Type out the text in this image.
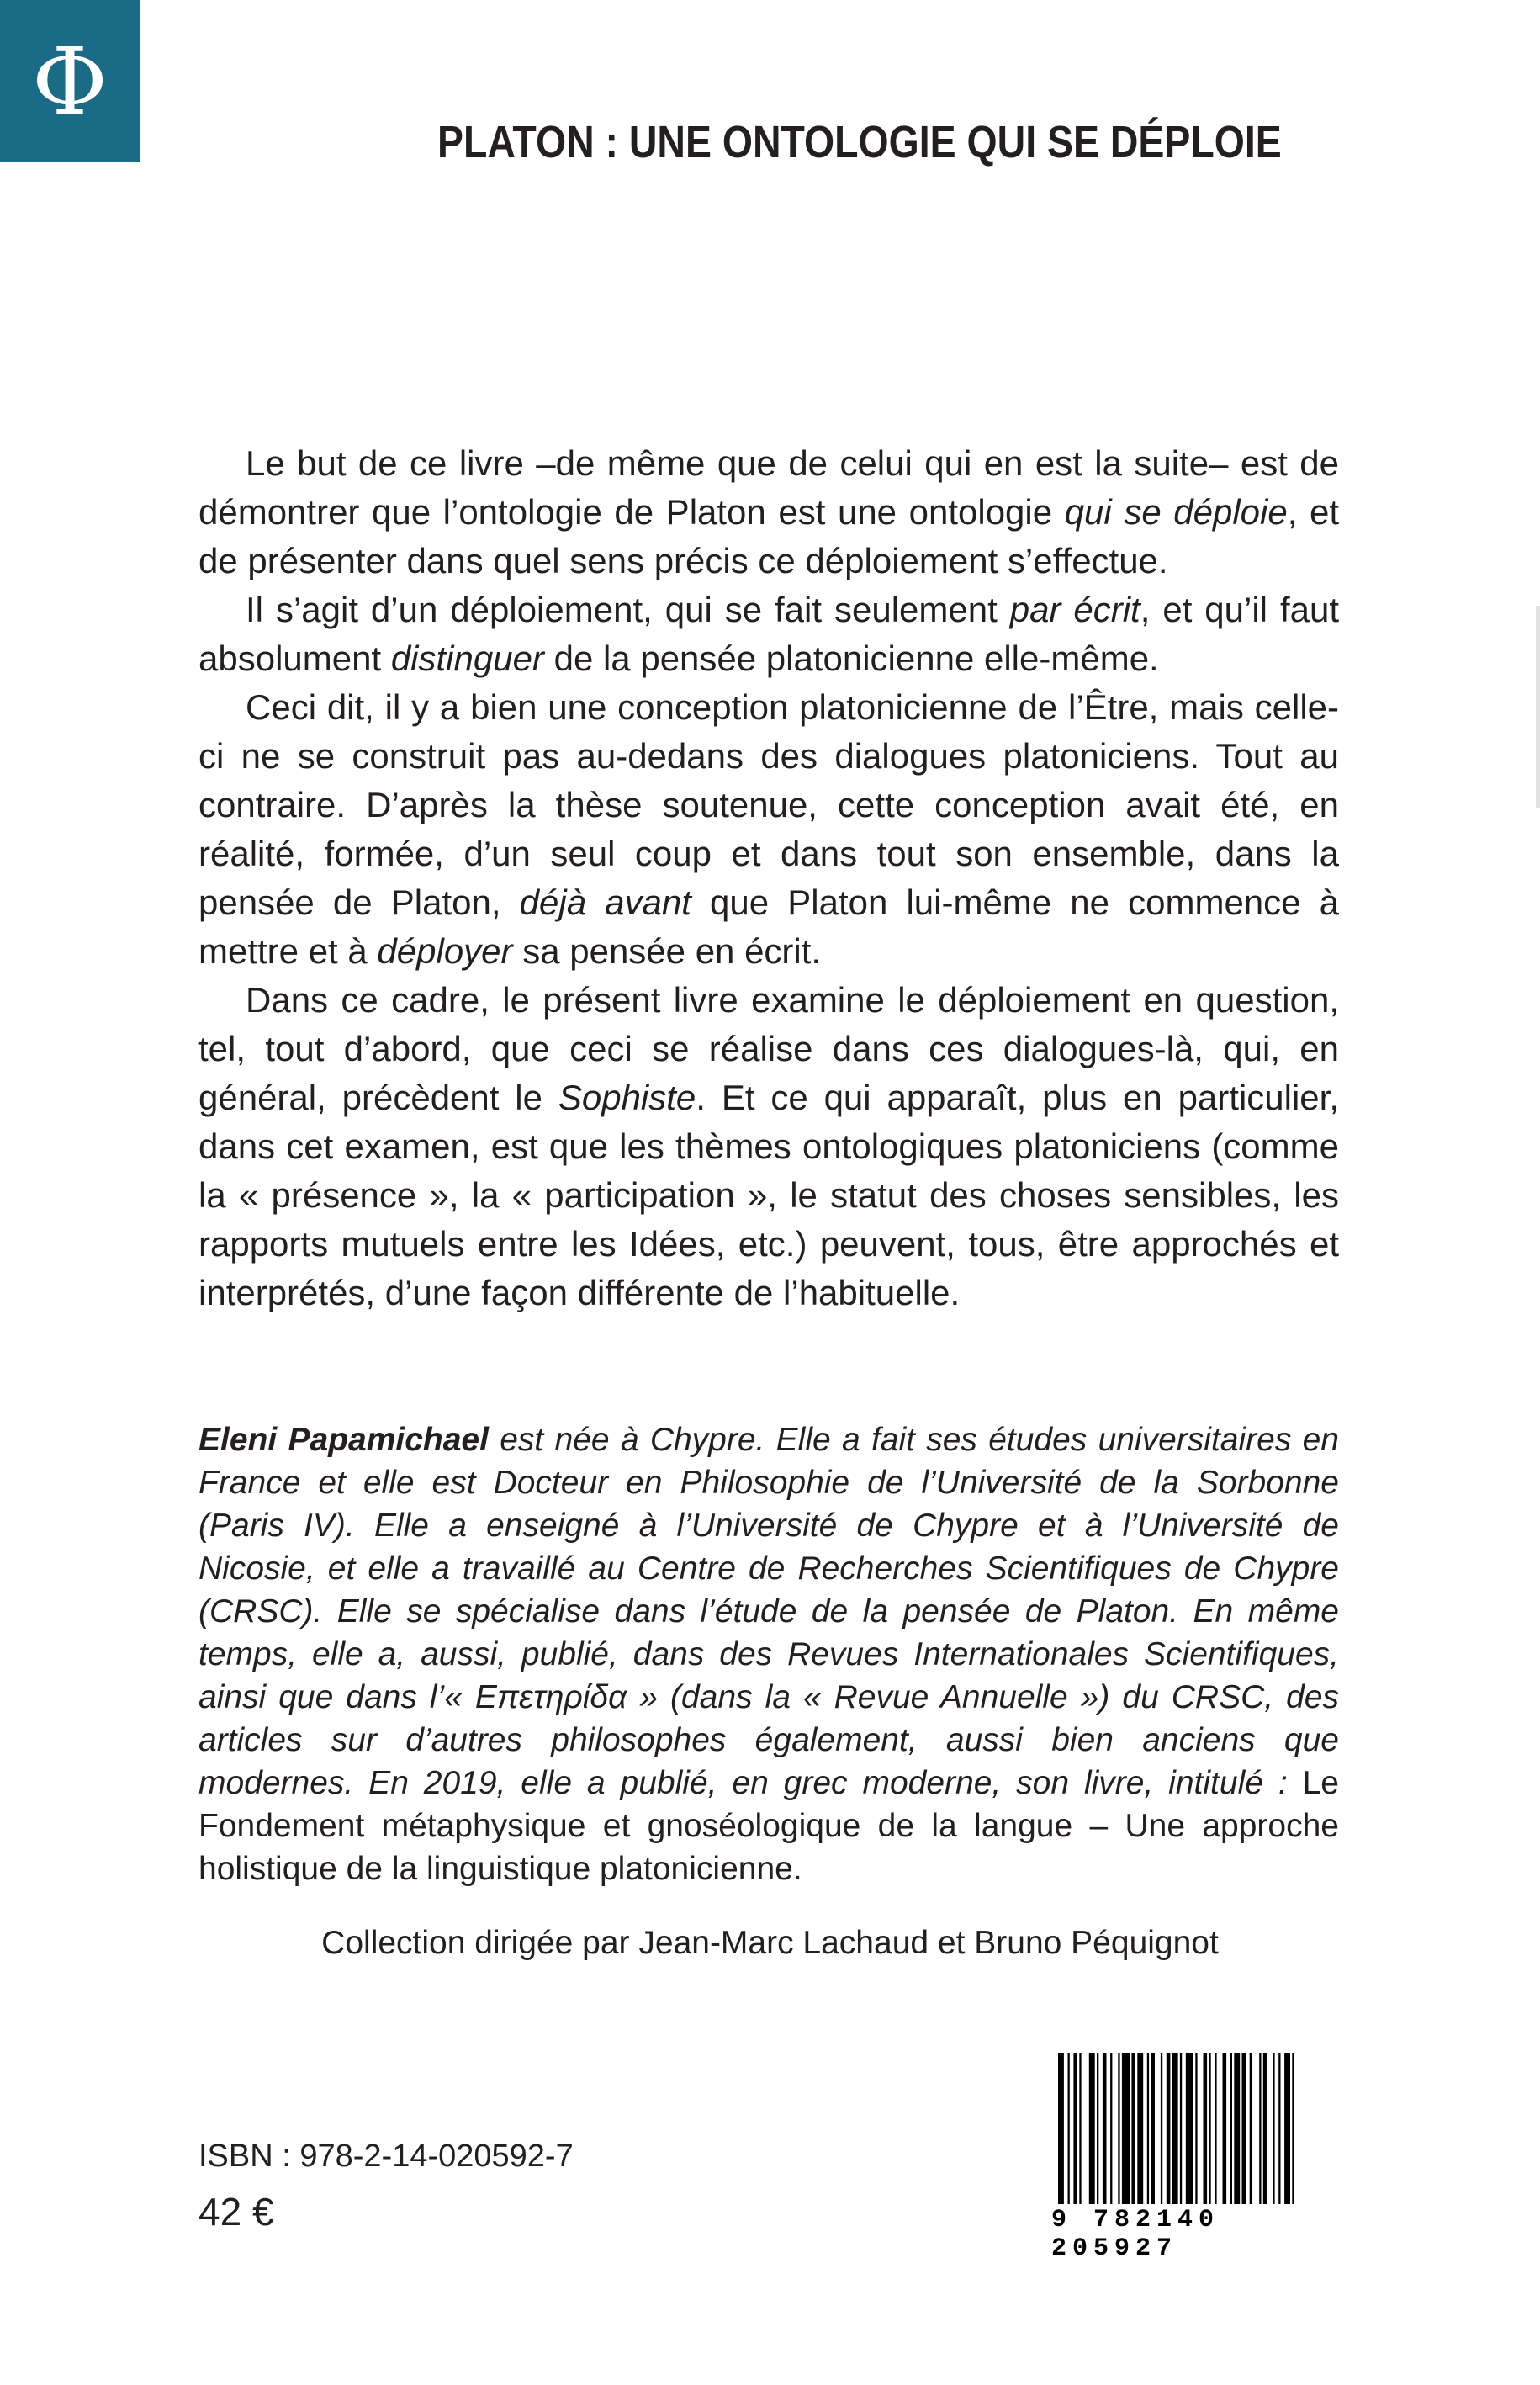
Φ
PLATON : UNE ONTOLOGIE QUI SE DÉPLOIE

Le but de ce livre –de même que de celui qui en est la suite– est de démontrer que l’ontologie de Platon est une ontologie qui se déploie, et de présenter dans quel sens précis ce déploiement s’effectue.

Il s’agit d’un déploiement, qui se fait seulement par écrit, et qu’il faut absolument distinguer de la pensée platonicienne elle-même.

Ceci dit, il y a bien une conception platonicienne de l’Être, mais celle-ci ne se construit pas au-dedans des dialogues platoniciens. Tout au contraire. D’après la thèse soutenue, cette conception avait été, en réalité, formée, d’un seul coup et dans tout son ensemble, dans la pensée de Platon, déjà avant que Platon lui-même ne commence à mettre et à déployer sa pensée en écrit.

Dans ce cadre, le présent livre examine le déploiement en question, tel, tout d’abord, que ceci se réalise dans ces dialogues-là, qui, en général, précèdent le Sophiste. Et ce qui apparaît, plus en particulier, dans cet examen, est que les thèmes ontologiques platoniciens (comme la « présence », la « participation », le statut des choses sensibles, les rapports mutuels entre les Idées, etc.) peuvent, tous, être approchés et interprétés, d’une façon différente de l’habituelle.

Eleni Papamichael est née à Chypre. Elle a fait ses études universitaires en France et elle est Docteur en Philosophie de l’Université de la Sorbonne (Paris IV). Elle a enseigné à l’Université de Chypre et à l’Université de Nicosie, et elle a travaillé au Centre de Recherches Scientifiques de Chypre (CRSC). Elle se spécialise dans l’étude de la pensée de Platon. En même temps, elle a, aussi, publié, dans des Revues Internationales Scientifiques, ainsi que dans l’« Επετηρίδα » (dans la « Revue Annuelle ») du CRSC, des articles sur d’autres philosophes également, aussi bien anciens que modernes. En 2019, elle a publié, en grec moderne, son livre, intitulé : Le Fondement métaphysique et gnoséologique de la langue – Une approche holistique de la linguistique platonicienne.
Collection dirigée par Jean-Marc Lachaud et Bruno Péquignot
ISBN : 978-2-14-020592-7
42 €	9 782140 205927
